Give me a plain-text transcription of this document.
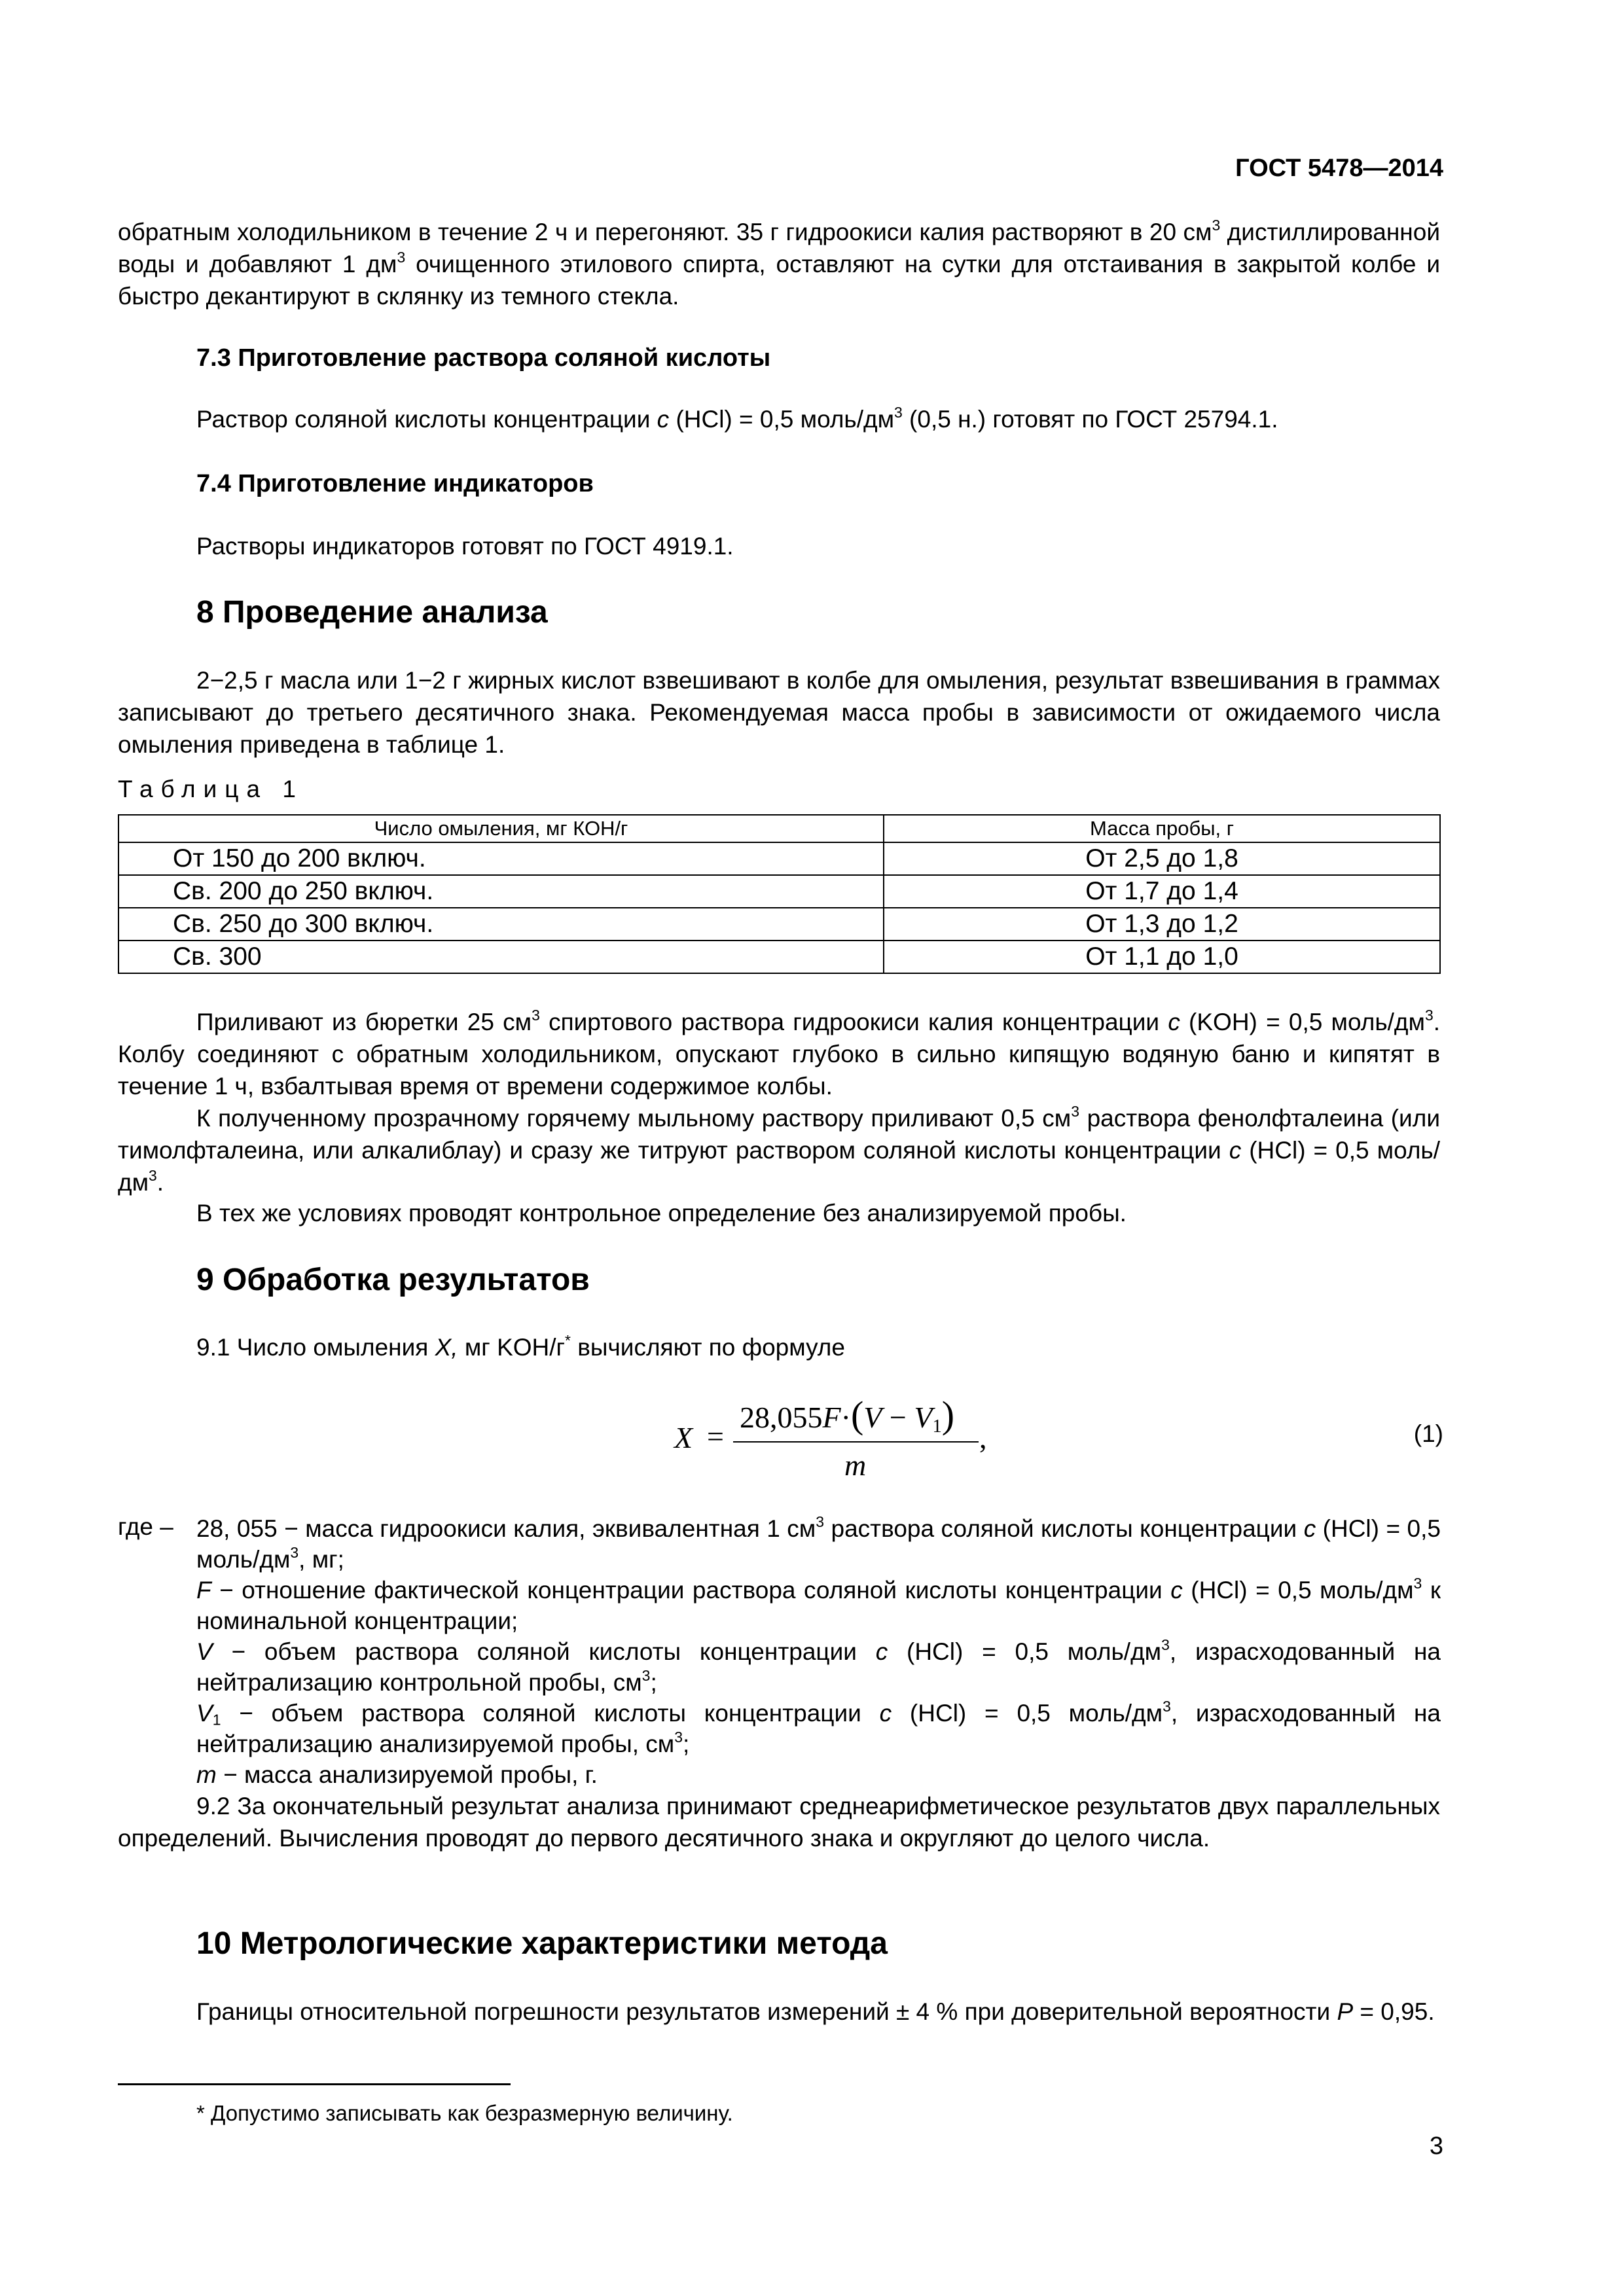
ГОСТ 5478—2014
обратным холодильником в течение 2 ч и перегоняют. 35 г гидроокиси калия растворяют в 20 $см^3$ дистиллированной воды и добавляют 1 $дм^3$ очищенного этилового спирта, оставляют на сутки для отстаивания в закрытой колбе и быстро декантируют в склянку из темного стекла.
7.3 Приготовление раствора соляной кислоты
Раствор соляной кислоты концентрации c (HCl) = 0,5 моль/$дм^3$ (0,5 н.) готовят по ГОСТ 25794.1.
7.4 Приготовление индикаторов
Растворы индикаторов готовят по ГОСТ 4919.1.
8 Проведение анализа
2−2,5 г масла или 1−2 г жирных кислот взвешивают в колбе для омыления, результат взвешивания в граммах записывают до третьего десятичного знака. Рекомендуемая масса пробы в зависимости от ожидаемого числа омыления приведена в таблице 1.
Таблица 1
Число омыления, мг КОН/г	Масса пробы, г
От 150 до 200 включ.	От 2,5 до 1,8
Св. 200 до 250 включ.	От 1,7 до 1,4
Св. 250 до 300 включ.	От 1,3 до 1,2
Св. 300	От 1,1 до 1,0
Приливают из бюретки 25 $см^3$ спиртового раствора гидроокиси калия концентрации c (KOH) = 0,5 моль/$дм^3$. Колбу соединяют с обратным холодильником, опускают глубоко в сильно кипящую водяную баню и кипятят в течение 1 ч, взбалтывая время от времени содержимое колбы.
К полученному прозрачному горячему мыльному раствору приливают 0,5 $см^3$ раствора фенолфталеина (или тимолфталеина, или алкалиблау) и сразу же титруют раствором соляной кислоты концентрации c (HCl) = 0,5 моль/$дм^3$.
В тех же условиях проводят контрольное определение без анализируемой пробы.
9 Обработка результатов
9.1 Число омыления X, мг KOH/г* вычисляют по формуле
X =
$28,055F\cdot(V - V_1)$
m
,	(1)
где – 28, 055 − масса гидроокиси калия, эквивалентная 1 $см^3$ раствора соляной кислоты концентрации c (HCl) = 0,5 моль/$дм^3$, мг;
F − отношение фактической концентрации раствора соляной кислоты концентрации c (HCl) = 0,5 моль/$дм^3$ к номинальной концентрации;
V − объем раствора соляной кислоты концентрации c (HCl) = 0,5 моль/$дм^3$, израсходованный на нейтрализацию контрольной пробы, $см^3$;
$V_1$ − объем раствора соляной кислоты концентрации c (HCl) = 0,5 моль/$дм^3$, израсходованный на нейтрализацию анализируемой пробы, $см^3$;
m − масса анализируемой пробы, г.
9.2 За окончательный результат анализа принимают среднеарифметическое результатов двух параллельных определений. Вычисления проводят до первого десятичного знака и округляют до целого числа.
10 Метрологические характеристики метода
Границы относительной погрешности результатов измерений ± 4 % при доверительной вероятности P = 0,95.
* Допустимо записывать как безразмерную величину.
3
